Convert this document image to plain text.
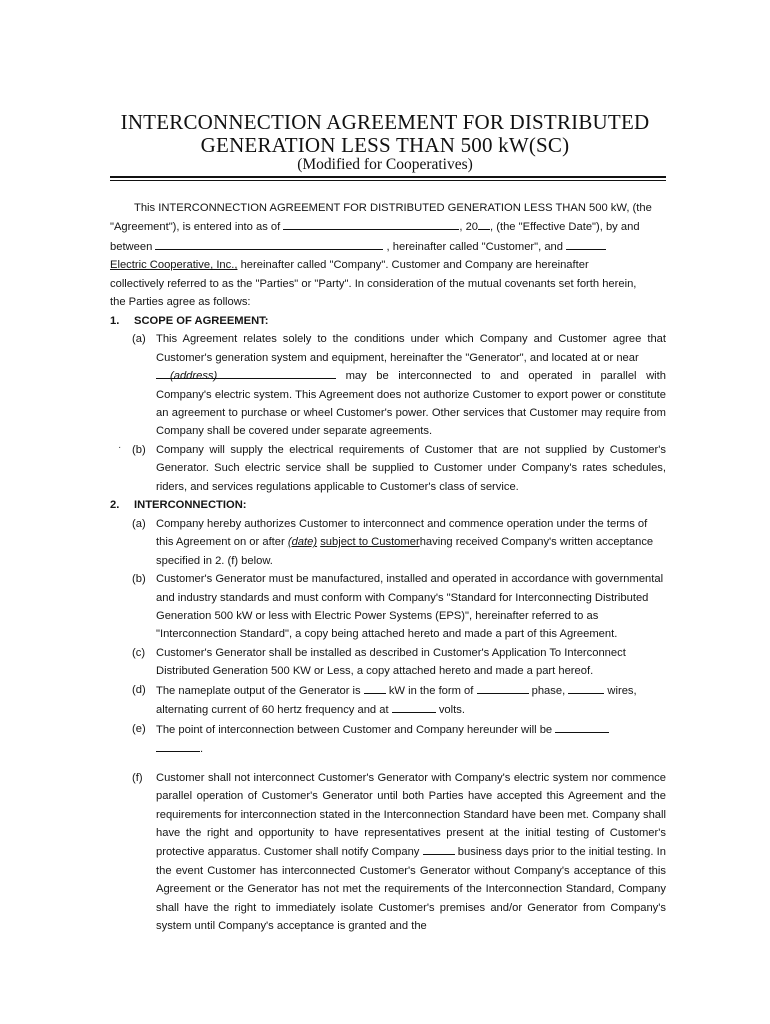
INTERCONNECTION AGREEMENT FOR DISTRIBUTED
GENERATION LESS THAN 500 kW(SC)
(Modified for Cooperatives)
·

This INTERCONNECTION AGREEMENT FOR DISTRIBUTED GENERATION LESS THAN 500 kW, (the
"Agreement"), is entered into as of	, 20 , (the "Effective Date"), by and
between	, hereinafter called "Customer", and
Electric Cooperative, Inc., hereinafter called "Company". Customer and Company are hereinafter
collectively referred to as the "Parties" or "Party". In consideration of the mutual covenants set forth herein,
the Parties agree as follows:

1.	SCOPE OF AGREEMENT:
(a) This Agreement relates solely to the conditions under which Company and Customer agree that Customer's generation system and equipment, hereinafter the "Generator", and located at or near
(address)	may be interconnected to and operated in parallel with Company's electric system. This Agreement does not authorize Customer to export power or constitute an agreement to purchase or wheel Customer's power. Other services that Customer may require from Company shall be covered under separate agreements.
(b) Company will supply the electrical requirements of Customer that are not supplied by Customer's Generator. Such electric service shall be supplied to Customer under Company's rates schedules, riders, and services regulations applicable to Customer's class of service.
2.	INTERCONNECTION:
(a) Company hereby authorizes Customer to interconnect and commence operation under the terms of this Agreement on or after (date) subject to Customerhaving received Company's written acceptance specified in 2. (f) below.
(b) Customer's Generator must be manufactured, installed and operated in accordance with governmental and industry standards and must conform with Company's "Standard for Interconnecting Distributed Generation 500 kW or less with Electric Power Systems (EPS)", hereinafter referred to as "Interconnection Standard", a copy being attached hereto and made a part of this Agreement.
(c) Customer's Generator shall be installed as described in Customer's Application To Interconnect Distributed Generation 500 KW or Less, a copy attached hereto and made a part hereof.
(d) The nameplate output of the Generator is	kW in the form of	phase,	wires,
alternating current of 60 hertz frequency and at	volts.
(e) The point of interconnection between Customer and Company hereunder will be
.
(f)	Customer shall not interconnect Customer's Generator with Company's electric system nor commence parallel operation of Customer's Generator until both Parties have accepted this Agreement and the requirements for interconnection stated in the Interconnection Standard have been met. Company shall have the right and opportunity to have representatives present at the initial testing of Customer's protective apparatus. Customer shall notify Company	business days prior to the initial testing. In the event Customer has interconnected Customer's Generator without Company's acceptance of this Agreement or the Generator has not met the requirements of the Interconnection Standard, Company shall have the right to immediately isolate Customer's premises and/or Generator from Company's system until Company's acceptance is granted and the
